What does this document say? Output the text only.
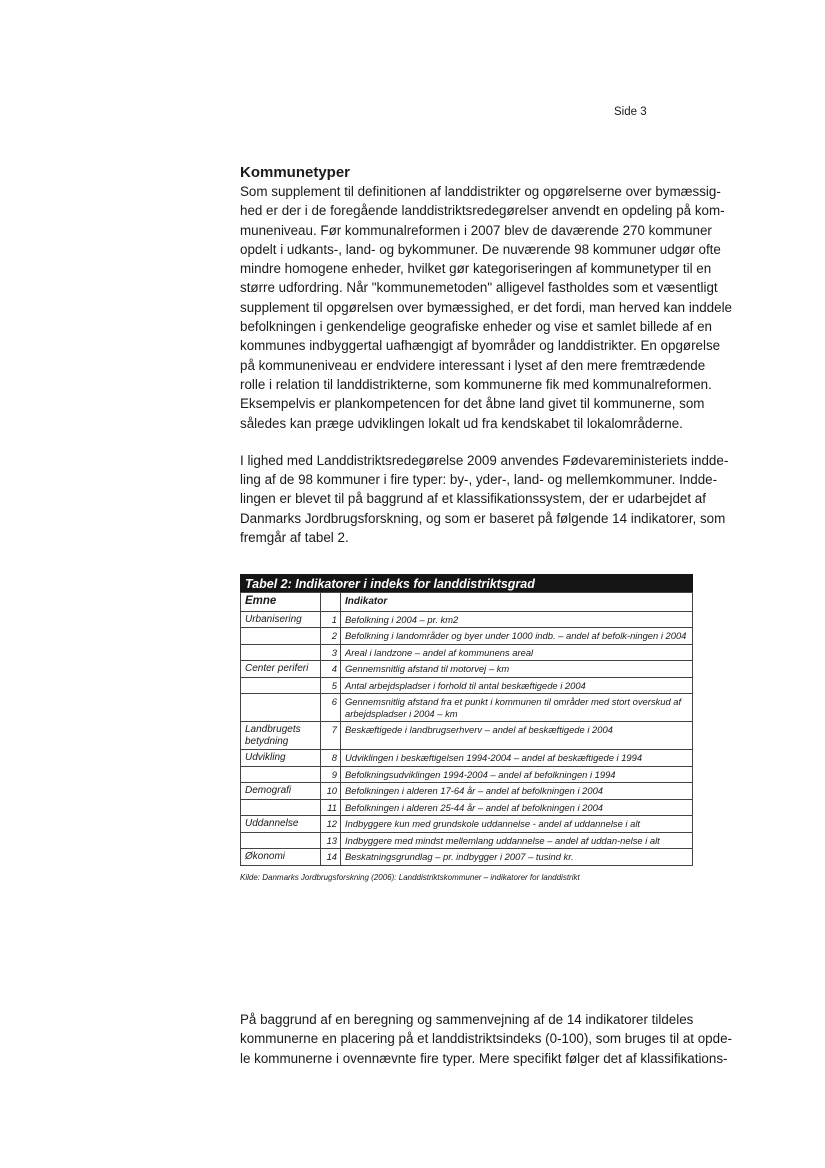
Side 3
Kommunetyper

Som supplement til definitionen af landdistrikter og opgørelserne over bymæssig-

hed er der i de foregående landdistriktsredegørelser anvendt en opdeling på kom-

muneniveau. Før kommunalreformen i 2007 blev de daværende 270 kommuner

opdelt i udkants-, land- og bykommuner. De nuværende 98 kommuner udgør ofte

mindre homogene enheder, hvilket gør kategoriseringen af kommunetyper til en

større udfordring. Når "kommunemetoden" alligevel fastholdes som et væsentligt

supplement til opgørelsen over bymæssighed, er det fordi, man herved kan inddele

befolkningen i genkendelige geografiske enheder og vise et samlet billede af en

kommunes indbyggertal uafhængigt af byområder og landdistrikter. En opgørelse

på kommuneniveau er endvidere interessant i lyset af den mere fremtrædende

rolle i relation til landdistrikterne, som kommunerne fik med kommunalreformen.

Eksempelvis er plankompetencen for det åbne land givet til kommunerne, som

således kan præge udviklingen lokalt ud fra kendskabet til lokalområderne.

I lighed med Landdistriktsredegørelse 2009 anvendes Fødevareministeriets indde-

ling af de 98 kommuner i fire typer: by-, yder-, land- og mellemkommuner. Indde-

lingen er blevet til på baggrund af et klassifikationssystem, der er udarbejdet af

Danmarks Jordbrugsforskning, og som er baseret på følgende 14 indikatorer, som

fremgår af tabel 2.

Tabel 2: Indikatorer i indeks for landdistriktsgrad
Emne		Indikator
Urbanisering	1	Befolkning i 2004 – pr. km2
	2	Befolkning i landområder og byer under 1000 indb. – andel af befolk-ningen i 2004
	3	Areal i landzone – andel af kommunens areal
Center periferi	4	Gennemsnitlig afstand til motorvej – km
	5	Antal arbejdspladser i forhold til antal beskæftigede i 2004
	6	Gennemsnitlig afstand fra et punkt i kommunen til områder med stort overskud af arbejdspladser i 2004 – km
Landbrugets betydning	7	Beskæftigede i landbrugserhverv – andel af beskæftigede i 2004
Udvikling	8	Udviklingen i beskæftigelsen 1994-2004 – andel af beskæftigede i 1994
	9	Befolkningsudviklingen 1994-2004 – andel af befolkningen i 1994
Demografi	10	Befolkningen i alderen 17-64 år – andel af befolkningen i 2004
	11	Befolkningen i alderen 25-44 år – andel af befolkningen i 2004
Uddannelse	12	Indbyggere kun med grundskole uddannelse - andel af uddannelse i alt
	13	Indbyggere med mindst mellemlang uddannelse – andel af uddan-nelse i alt
Økonomi	14	Beskatningsgrundlag – pr. indbygger i 2007 – tusind kr.
Kilde: Danmarks Jordbrugsforskning (2006): Landdistriktskommuner – indikatorer for landdistrikt

På baggrund af en beregning og sammenvejning af de 14 indikatorer tildeles

kommunerne en placering på et landdistriktsindeks (0-100), som bruges til at opde-

le kommunerne i ovennævnte fire typer. Mere specifikt følger det af klassifikations-
